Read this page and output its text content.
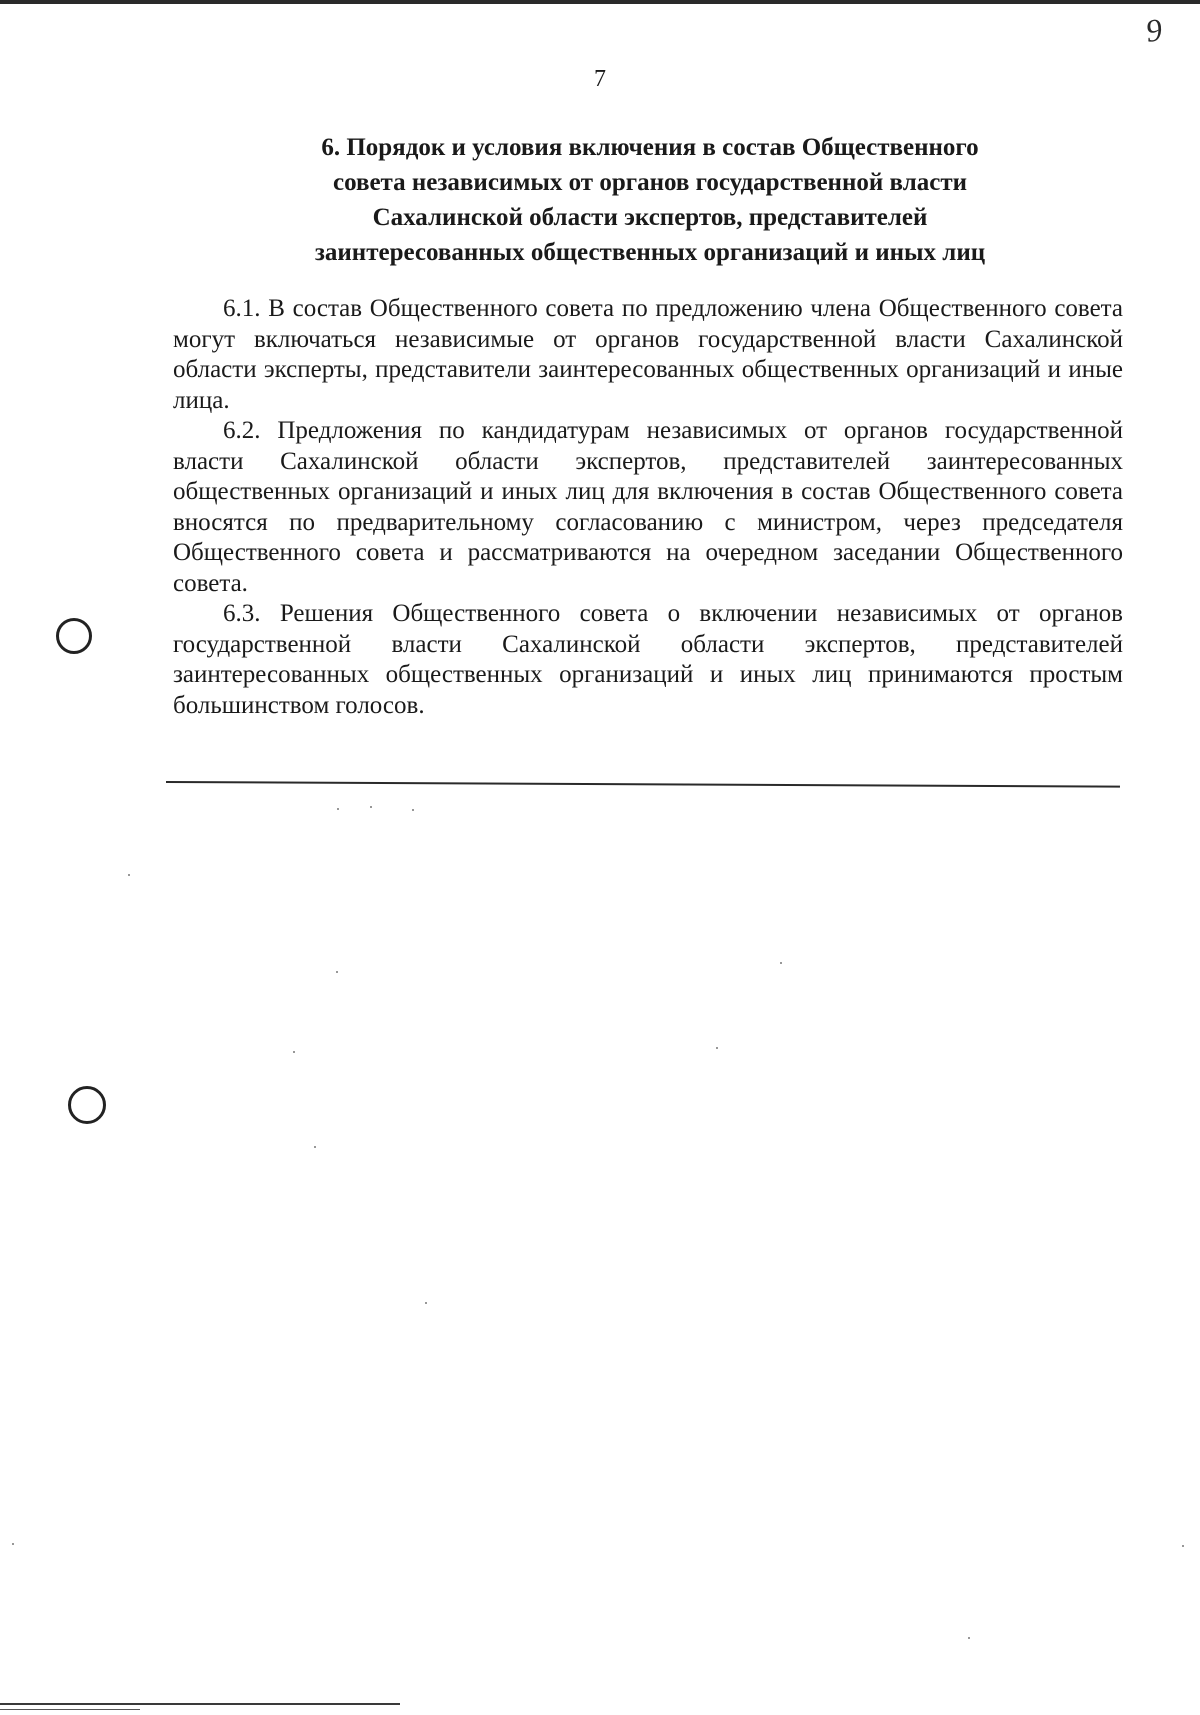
9
7
6. Порядок и условия включения в состав Общественного
совета независимых от органов государственной власти
Сахалинской области экспертов, представителей
заинтересованных общественных организаций и иных лиц

6.1. В состав Общественного совета по предложению члена Общественного совета могут включаться независимые от органов государственной власти Сахалинской области эксперты, представители заинтересованных общественных организаций и иные лица.

6.2. Предложения по кандидатурам независимых от органов государственной власти Сахалинской области экспертов, представителей заинтересованных общественных организаций и иных лиц для включения в состав Общественного совета вносятся по предварительному согласованию с министром, через председателя Общественного совета и рассматриваются на очередном заседании Общественного совета.

6.3. Решения Общественного совета о включении независимых от органов государственной власти Сахалинской области экспертов, представителей заинтересованных общественных организаций и иных лиц принимаются простым большинством голосов.
